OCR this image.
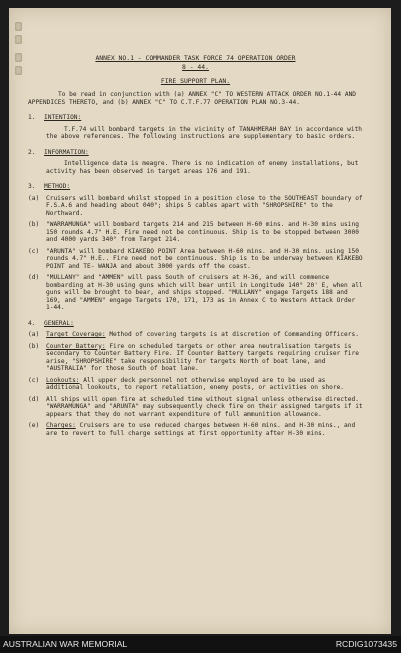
ANNEX NO.1 - COMMANDER TASK FORCE 74 OPERATION ORDER
8 - 44.
FIRE SUPPORT PLAN.
To be read in conjunction with (a) ANNEX "C" TO WESTERN ATTACK ORDER NO.1-44 AND APPENDICES THERETO, and (b) ANNEX "C" TO C.T.F.77 OPERATION PLAN NO.3-44.
1.	INTENTION:
T.F.74 will bombard targets in the vicinity of TANAHMERAH BAY in accordance with the above references. The following instructions are supplementary to basic orders.
2.	INFORMATION:
Intelligence data is meagre. There is no indication of enemy installations, but activity has been observed in target areas 176 and 191.
3.	METHOD:
(a)	Cruisers will bombard whilst stopped in a position close to the SOUTHEAST boundary of F.S.A.6 and heading about 040°; ships 5 cables apart with "SHROPSHIRE" to the Northward.
(b)	"WARRAMUNGA" will bombard targets 214 and 215 between H-60 mins. and H-30 mins using 150 rounds 4.7" H.E. Fire need not be continuous. Ship is to be stopped between 3000 and 4000 yards 340° from Target 214.
(c)	"ARUNTA" will bombard KIAKEBO POINT Area between H-60 mins. and H-30 mins. using 150 rounds 4.7" H.E.. Fire need not be continuous. Ship is to be underway between KIAKEBO POINT and TE- WANJA and about 3000 yards off the coast.
(d)	"MULLANY" and "AMMEN" will pass South of cruisers at H-36, and will commence bombarding at H-30 using guns which will bear until in Longitude 140° 20' E, when all guns will be brought to bear, and ships stopped. "MULLANY" engage Targets 188 and 169, and "AMMEN" engage Targets 170, 171, 173 as in Annex C to Western Attack Order 1-44.
4.	GENERAL:
(a)	Target Coverage: Method of covering targets is at discretion of Commanding Officers.
(b)	Counter Battery: Fire on scheduled targets or other area neutralisation targets is secondary to Counter Battery Fire. If Counter Battery targets requiring cruiser fire arise, "SHROPSHIRE" take responsibility for targets North of boat lane, and "AUSTRALIA" for those South of boat lane.
(c)	Lookouts: All upper deck personnel not otherwise employed are to be used as additional lookouts, to report retaliation, enemy posts, or activities on shore.
(d)	All ships will open fire at scheduled time without signal unless otherwise directed. "WARRAMUNGA" and "ARUNTA" may subsequently check fire on their assigned targets if it appears that they do not warrant expenditure of full ammunition allowance.
(e)	Charges: Cruisers are to use reduced charges between H-60 mins. and H-30 mins., and are to revert to full charge settings at first opportunity after H-30 mins.
AUSTRALIAN WAR MEMORIAL	RCDIG1073435
